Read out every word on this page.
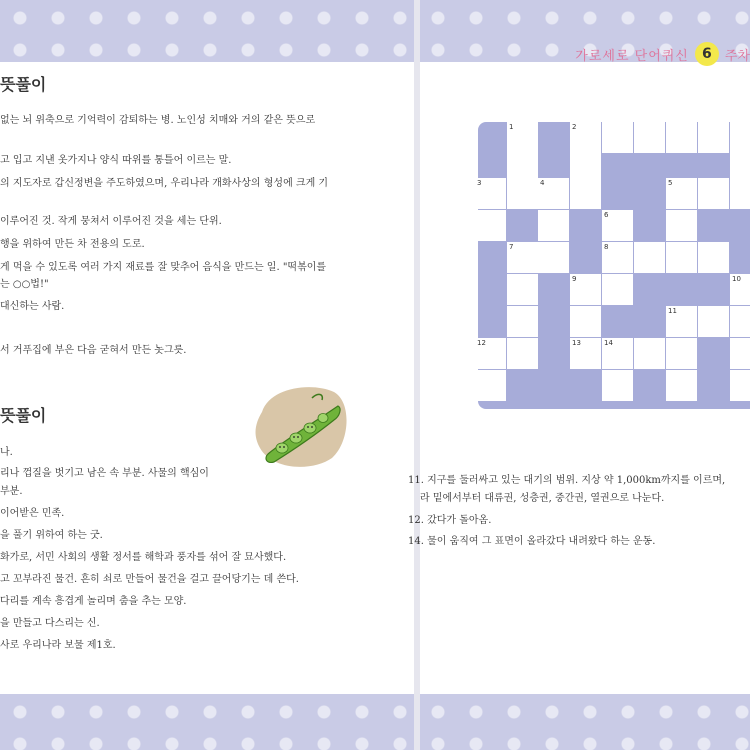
가로세로 단어퀴신 6	주차
뜻풀이
없는 뇌 위축으로 기억력이 감퇴하는 병. 노인성 치매와 거의 같은 뜻으로
고 입고 지낸 옷가지나 양식 따위를 통틀어 이르는 말.
의 지도자로 갑신정변을 주도하였으며, 우리나라 개화사상의 형성에 크게 기
이루어진 것. 작게 뭉쳐서 이루어진 것을 세는 단위.
행을 위하여 만든 차 전용의 도로.
게 먹을 수 있도록 여러 가지 재료를 잘 맞추어 음식을 만드는 일. "떡볶이를
는 ○○법!"
대신하는 사람.
서 거푸집에 부은 다음 굳혀서 만든 놋그릇.
뜻풀이
나.
리나 껍질을 벗기고 남은 속 부분. 사물의 핵심이
부분.
이어받은 민족.
을 풀기 위하여 하는 굿.
화가로, 서민 사회의 생활 정서를 해학과 풍자를 섞어 잘 묘사했다.
고 꼬부라진 물건. 흔히 쇠로 만들어 물건을 걸고 끌어당기는 데 쓴다.
다리를 계속 흥겹게 놀리며 춤을 추는 모양.
을 만들고 다스리는 신.
사로 우리나라 보물 제1호.
1	2
3	4	5
6
7	8
9	10
11
12	13	14
11. 지구를 둘러싸고 있는 대기의 범위. 지상 약 1,000km까지를 이르며,
라 밑에서부터 대류권, 성층권, 중간권, 열권으로 나눈다.
12. 갔다가 돌아옴.
14. 물이 움직여 그 표면이 올라갔다 내려왔다 하는 운동.
